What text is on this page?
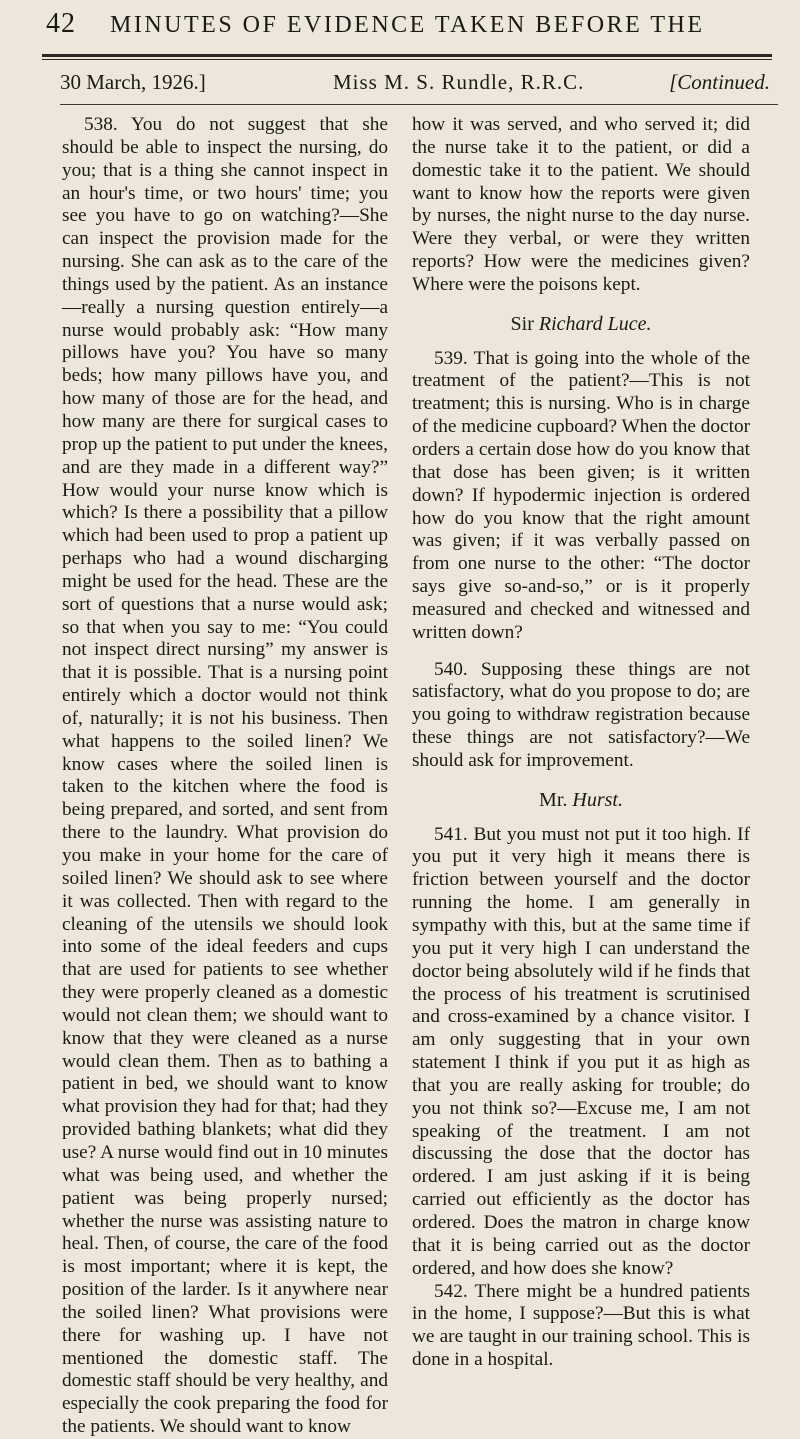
42 MINUTES OF EVIDENCE TAKEN BEFORE THE
30 March, 1926.]	Miss M. S. Rundle, R.R.C.	[Continued.

538. You do not suggest that she should be able to inspect the nursing, do you; that is a thing she cannot inspect in an hour's time, or two hours' time; you see you have to go on watching?—She can inspect the provision made for the nursing. She can ask as to the care of the things used by the patient. As an instance—really a nursing question entirely—a nurse would probably ask: “How many pillows have you? You have so many beds; how many pillows have you, and how many of those are for the head, and how many are there for surgical cases to prop up the patient to put under the knees, and are they made in a different way?” How would your nurse know which is which? Is there a possibility that a pillow which had been used to prop a patient up perhaps who had a wound discharging might be used for the head. These are the sort of questions that a nurse would ask; so that when you say to me: “You could not inspect direct nursing” my answer is that it is possible. That is a nursing point entirely which a doctor would not think of, naturally; it is not his business. Then what happens to the soiled linen? We know cases where the soiled linen is taken to the kitchen where the food is being prepared, and sorted, and sent from there to the laundry. What provision do you make in your home for the care of soiled linen? We should ask to see where it was collected. Then with regard to the cleaning of the utensils we should look into some of the ideal feeders and cups that are used for patients to see whether they were properly cleaned as a domestic would not clean them; we should want to know that they were cleaned as a nurse would clean them. Then as to bathing a patient in bed, we should want to know what provision they had for that; had they provided bathing blankets; what did they use? A nurse would find out in 10 minutes what was being used, and whether the patient was being properly nursed; whether the nurse was assisting nature to heal. Then, of course, the care of the food is most important; where it is kept, the position of the larder. Is it anywhere near the soiled linen? What provisions were there for washing up. I have not mentioned the domestic staff. The domestic staff should be very healthy, and especially the cook preparing the food for the patients. We should want to know

how it was served, and who served it; did the nurse take it to the patient, or did a domestic take it to the patient. We should want to know how the reports were given by nurses, the night nurse to the day nurse. Were they verbal, or were they written reports? How were the medicines given? Where were the poisons kept.

Sir Richard Luce.

539. That is going into the whole of the treatment of the patient?—This is not treatment; this is nursing. Who is in charge of the medicine cupboard? When the doctor orders a certain dose how do you know that that dose has been given; is it written down? If hypodermic injection is ordered how do you know that the right amount was given; if it was verbally passed on from one nurse to the other: “The doctor says give so-and-so,” or is it properly measured and checked and witnessed and written down?

540. Supposing these things are not satisfactory, what do you propose to do; are you going to withdraw registration because these things are not satisfactory?—We should ask for improvement.

Mr. Hurst.

541. But you must not put it too high. If you put it very high it means there is friction between yourself and the doctor running the home. I am generally in sympathy with this, but at the same time if you put it very high I can understand the doctor being absolutely wild if he finds that the process of his treatment is scrutinised and cross-examined by a chance visitor. I am only suggesting that in your own statement I think if you put it as high as that you are really asking for trouble; do you not think so?—Excuse me, I am not speaking of the treatment. I am not discussing the dose that the doctor has ordered. I am just asking if it is being carried out efficiently as the doctor has ordered. Does the matron in charge know that it is being carried out as the doctor ordered, and how does she know?

542. There might be a hundred patients in the home, I suppose?—But this is what we are taught in our training school. This is done in a hospital.
